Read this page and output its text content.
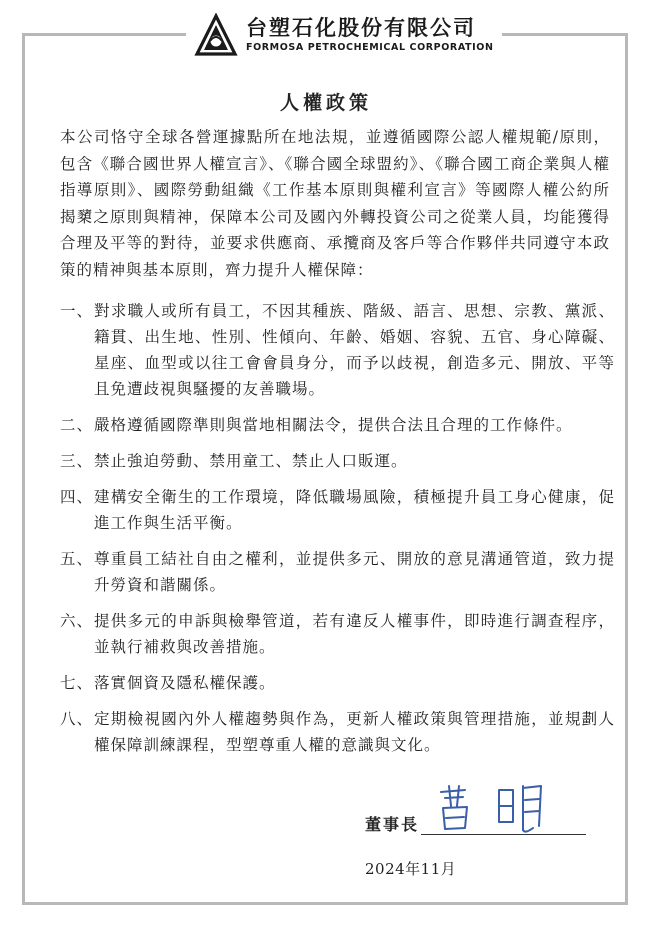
台塑石化股份有限公司
FORMOSA PETROCHEMICAL CORPORATION
人權政策

本公司恪守全球各營運據點所在地法規，並遵循國際公認人權規範/原則，包含《聯合國世界人權宣言》、《聯合國全球盟約》、《聯合國工商企業與人權指導原則》、國際勞動組織《工作基本原則與權利宣言》等國際人權公約所揭櫫之原則與精神，保障本公司及國內外轉投資公司之從業人員，均能獲得合理及平等的對待，並要求供應商、承攬商及客戶等合作夥伴共同遵守本政策的精神與基本原則，齊力提升人權保障：

一、 對求職人或所有員工，不因其種族、階級、語言、思想、宗教、黨派、籍貫、出生地、性別、性傾向、年齡、婚姻、容貌、五官、身心障礙、星座、血型或以往工會會員身分，而予以歧視，創造多元、開放、平等且免遭歧視與騷擾的友善職場。
二、 嚴格遵循國際準則與當地相關法令，提供合法且合理的工作條件。
三、 禁止強迫勞動、禁用童工、禁止人口販運。
四、 建構安全衛生的工作環境，降低職場風險，積極提升員工身心健康，促進工作與生活平衡。
五、 尊重員工結社自由之權利，並提供多元、開放的意見溝通管道，致力提升勞資和諧關係。
六、 提供多元的申訴與檢舉管道，若有違反人權事件，即時進行調查程序，並執行補救與改善措施。
七、 落實個資及隱私權保護。
八、 定期檢視國內外人權趨勢與作為，更新人權政策與管理措施，並規劃人權保障訓練課程，型塑尊重人權的意識與文化。
董事長
2024年11月
